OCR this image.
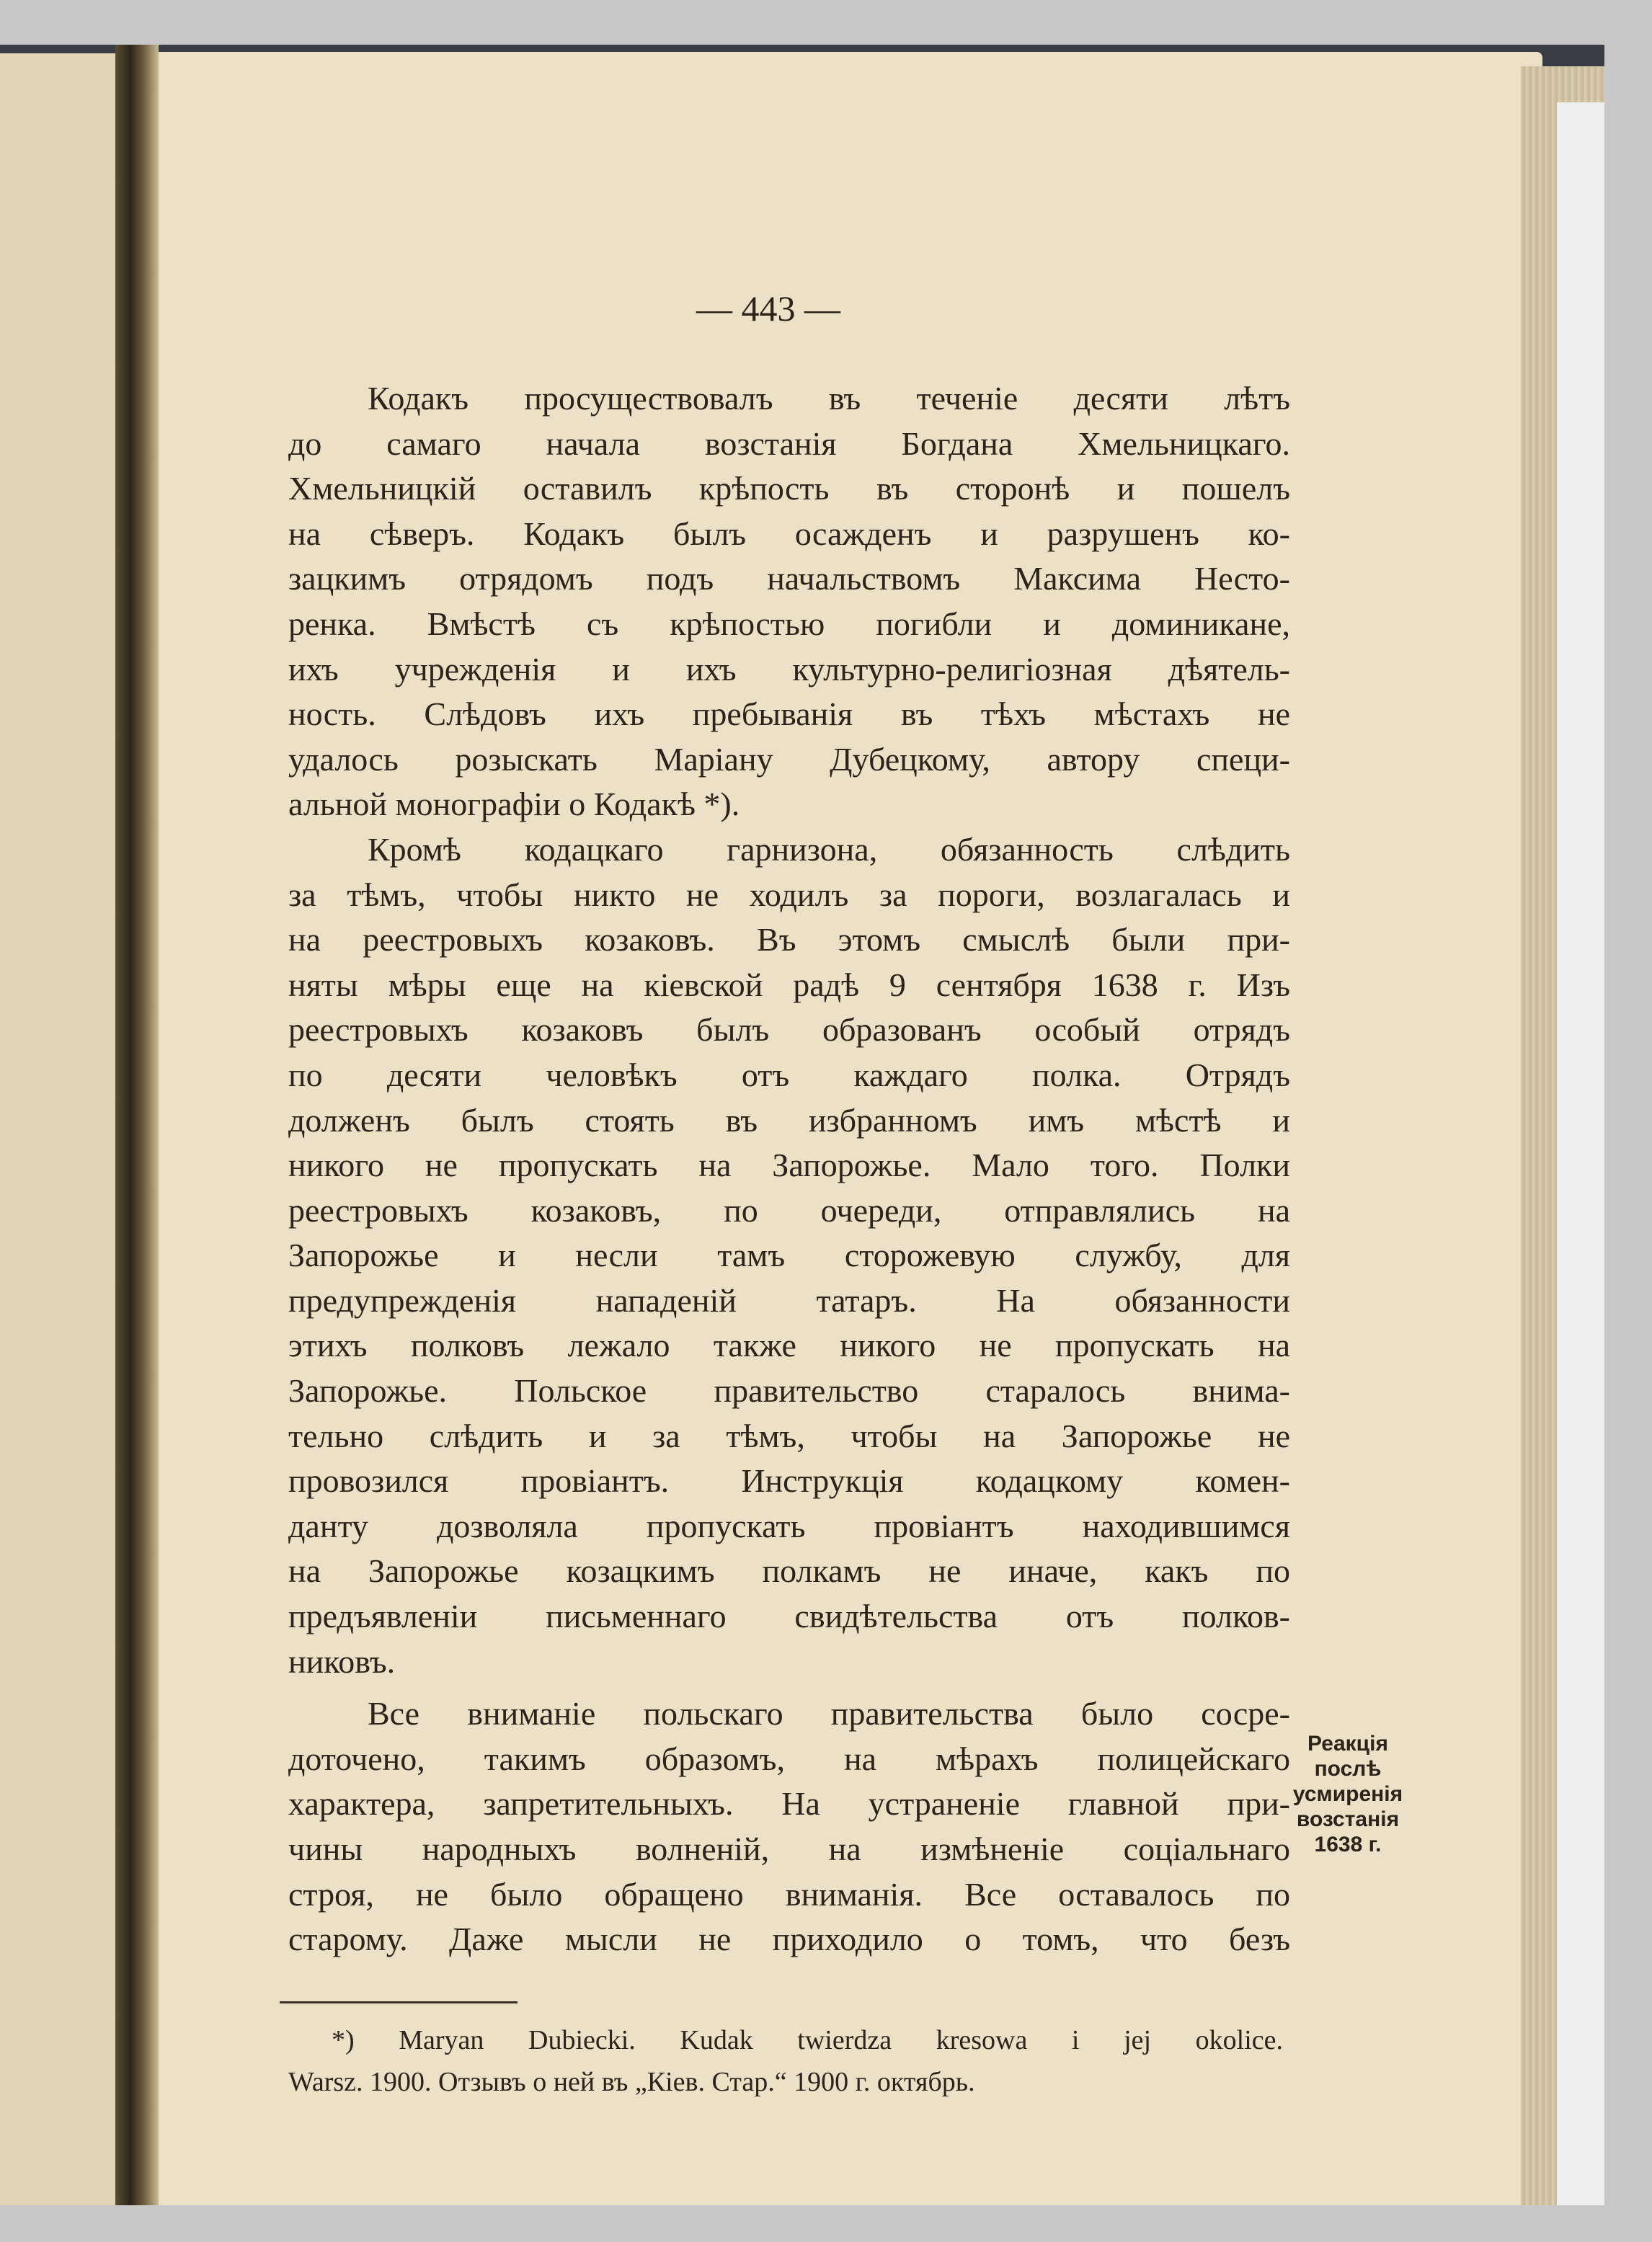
— 443 —
Кодакъ просуществовалъ въ теченіе десяти лѣтъ
до самаго начала возстанія Богдана Хмельницкаго.
Хмельницкій оставилъ крѣпость въ сторонѣ и пошелъ
на сѣверъ. Кодакъ былъ осажденъ и разрушенъ ко-
зацкимъ отрядомъ подъ начальствомъ Максима Несто-
ренка. Вмѣстѣ съ крѣпостью погибли и доминикане,
ихъ учрежденія и ихъ культурно-религіозная дѣятель-
ность. Слѣдовъ ихъ пребыванія въ тѣхъ мѣстахъ не
удалось розыскать Маріану Дубецкому, автору специ-
альной монографіи о Кодакѣ *).
Кромѣ кодацкаго гарнизона, обязанность слѣдить
за тѣмъ, чтобы никто не ходилъ за пороги, возлагалась и
на реестровыхъ козаковъ. Въ этомъ смыслѣ были при-
няты мѣры еще на кіевской радѣ 9 сентября 1638 г. Изъ
реестровыхъ козаковъ былъ образованъ особый отрядъ
по десяти человѣкъ отъ каждаго полка. Отрядъ
долженъ былъ стоять въ избранномъ имъ мѣстѣ и
никого не пропускать на Запорожье. Мало того. Полки
реестровыхъ козаковъ, по очереди, отправлялись на
Запорожье и несли тамъ сторожевую службу, для
предупрежденія нападеній татаръ. На обязанности
этихъ полковъ лежало также никого не пропускать на
Запорожье. Польское правительство старалось внима-
тельно слѣдить и за тѣмъ, чтобы на Запорожье не
провозился провіантъ. Инструкція кодацкому комен-
данту дозволяла пропускать провіантъ находившимся
на Запорожье козацкимъ полкамъ не иначе, какъ по
предъявленіи письменнаго свидѣтельства отъ полков-
никовъ.
Все вниманіе польскаго правительства было сосре-
доточено, такимъ образомъ, на мѣрахъ полицейскаго
характера, запретительныхъ. На устраненіе главной при-
чины народныхъ волненій, на измѣненіе соціальнаго
строя, не было обращено вниманія. Все оставалось по
старому. Даже мысли не приходило о томъ, что безъ
Реакція
послѣ
усмиренія
возстанія
1638 г.
*) Maryan Dubiecki. Kudak twierdza kresowa i jej okolice.
Warsz. 1900. Отзывъ о ней въ „Кіев. Стар.“ 1900 г. октябрь.
